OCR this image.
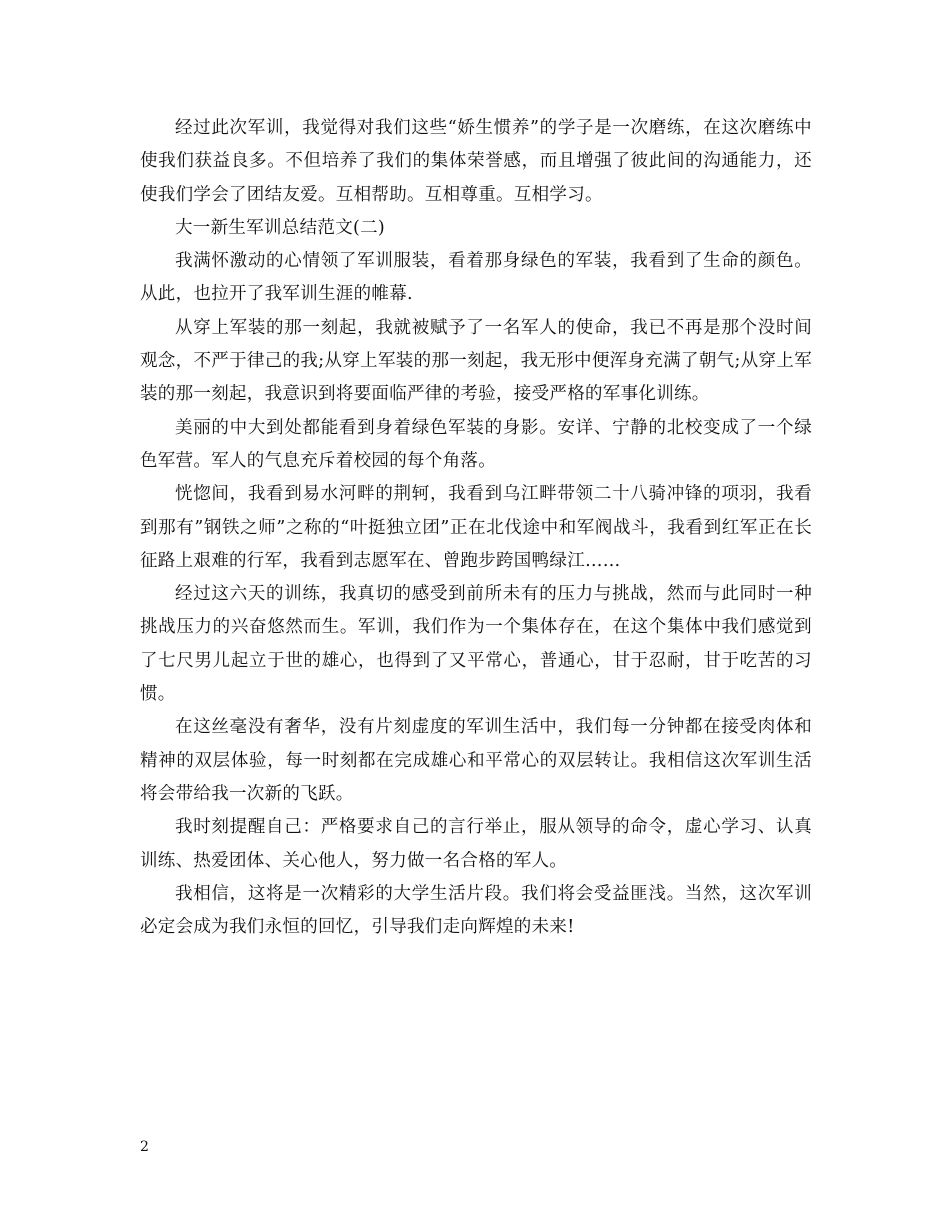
经过此次军训，我觉得对我们这些“娇生惯养”的学子是一次磨练，在这次磨练中使我们获益良多。不但培养了我们的集体荣誉感，而且增强了彼此间的沟通能力，还使我们学会了团结友爱。互相帮助。互相尊重。互相学习。

大一新生军训总结范文(二)

我满怀激动的心情领了军训服装，看着那身绿色的军装，我看到了生命的颜色。从此，也拉开了我军训生涯的帷幕.

从穿上军装的那一刻起，我就被赋予了一名军人的使命，我已不再是那个没时间观念，不严于律己的我;从穿上军装的那一刻起，我无形中便浑身充满了朝气;从穿上军装的那一刻起，我意识到将要面临严律的考验，接受严格的军事化训练。

美丽的中大到处都能看到身着绿色军装的身影。安详、宁静的北校变成了一个绿色军营。军人的气息充斥着校园的每个角落。

恍惚间，我看到易水河畔的荆轲，我看到乌江畔带领二十八骑冲锋的项羽，我看到那有”钢铁之师”之称的“叶挺独立团”正在北伐途中和军阀战斗，我看到红军正在长征路上艰难的行军，我看到志愿军在、曾跑步跨国鸭绿江……

经过这六天的训练，我真切的感受到前所未有的压力与挑战，然而与此同时一种挑战压力的兴奋悠然而生。军训，我们作为一个集体存在，在这个集体中我们感觉到了七尺男儿起立于世的雄心，也得到了又平常心，普通心，甘于忍耐，甘于吃苦的习惯。

在这丝毫没有奢华，没有片刻虚度的军训生活中，我们每一分钟都在接受肉体和精神的双层体验，每一时刻都在完成雄心和平常心的双层转让。我相信这次军训生活将会带给我一次新的飞跃。

我时刻提醒自己：严格要求自己的言行举止，服从领导的命令，虚心学习、认真训练、热爱团体、关心他人，努力做一名合格的军人。

我相信，这将是一次精彩的大学生活片段。我们将会受益匪浅。当然，这次军训必定会成为我们永恒的回忆，引导我们走向辉煌的未来!

2
